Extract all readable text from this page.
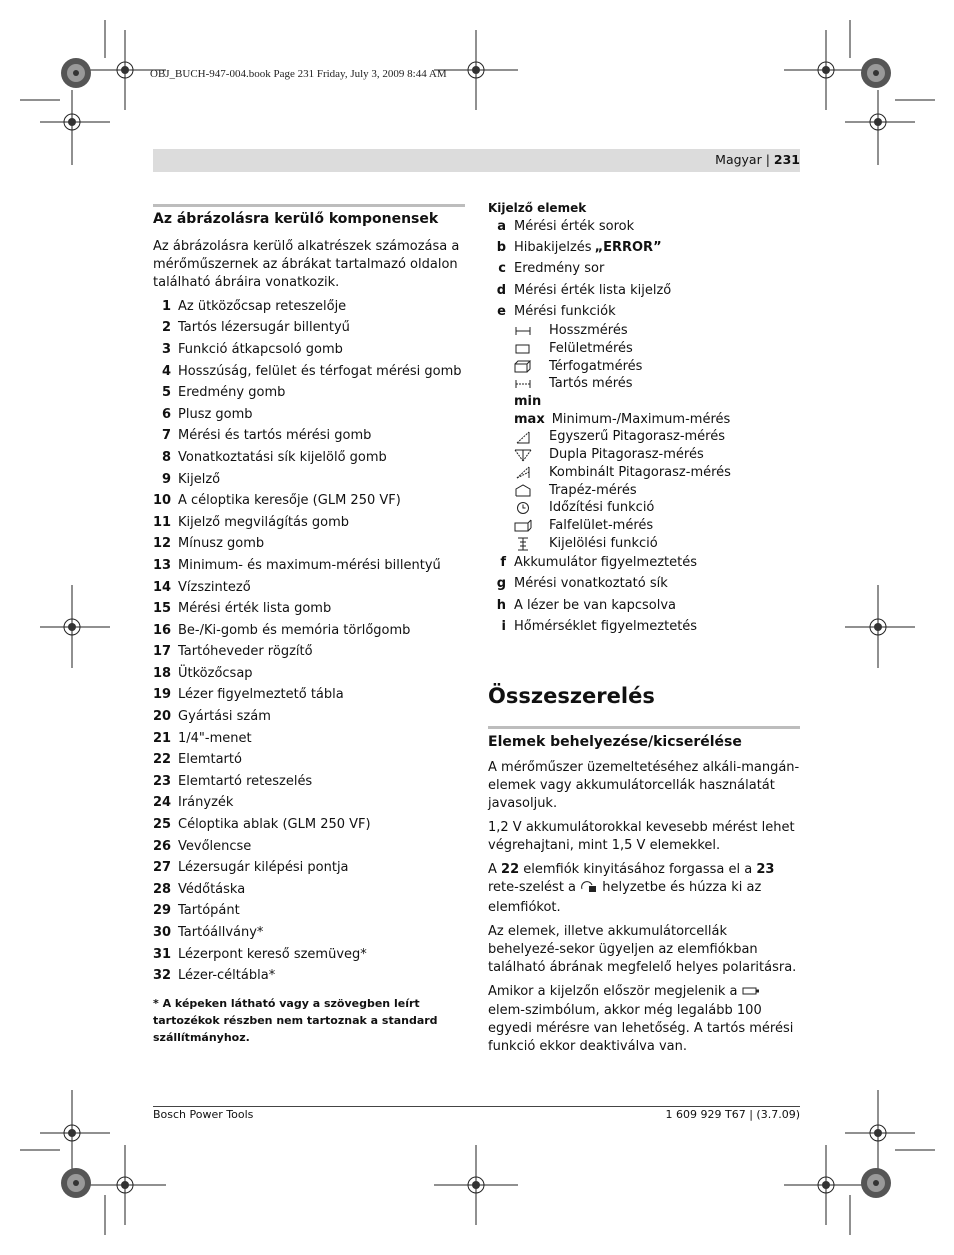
OBJ_BUCH-947-004.book Page 231 Friday, July 3, 2009 8:44 AM
Magyar | 231
Az ábrázolásra kerülő komponensek

Az ábrázolásra kerülő alkatrészek számozása a mérőműszernek az ábrákat tartalmazó oldalon található ábráira vonatkozik.

1 Az ütközőcsap reteszelője
2 Tartós lézersugár billentyű
3 Funkció átkapcsoló gomb
4 Hosszúság, felület és térfogat mérési gomb
5 Eredmény gomb
6 Plusz gomb
7 Mérési és tartós mérési gomb
8 Vonatkoztatási sík kijelölő gomb
9 Kijelző
10 A céloptika keresője (GLM 250 VF)
11 Kijelző megvilágítás gomb
12 Mínusz gomb
13 Minimum- és maximum-mérési billentyű
14 Vízszintező
15 Mérési érték lista gomb
16 Be-/Ki-gomb és memória törlőgomb
17 Tartóheveder rögzítő
18 Ütközőcsap
19 Lézer figyelmeztető tábla
20 Gyártási szám
21 1/4"-menet
22 Elemtartó
23 Elemtartó reteszelés
24 Irányzék
25 Céloptika ablak (GLM 250 VF)
26 Vevőlencse
27 Lézersugár kilépési pontja
28 Védőtáska
29 Tartópánt
30 Tartóállvány*
31 Lézerpont kereső szemüveg*
32 Lézer-céltábla*
* A képeken látható vagy a szövegben leírt tartozékok részben nem tartoznak a standard szállítmányhoz.
Kijelző elemek
a Mérési érték sorok
b Hibakijelzés „ERROR”
c Eredmény sor
d Mérési érték lista kijelző
e Mérési funkciók
Hosszmérés
Felületmérés
Térfogatmérés
Tartós mérés
min
max Minimum-/Maximum-mérés
Egyszerű Pitagorasz-mérés
Dupla Pitagorasz-mérés
Kombinált Pitagorasz-mérés
Trapéz-mérés
Időzítési funkció
Falfelület-mérés
Kijelölési funkció
f Akkumulátor figyelmeztetés
g Mérési vonatkoztató sík
h A lézer be van kapcsolva
i Hőmérséklet figyelmeztetés
Összeszerelés
Elemek behelyezése/kicserélése

A mérőműszer üzemeltetéséhez alkáli-mangán-elemek vagy akkumulátorcellák használatát javasoljuk.

1,2 V akkumulátorokkal kevesebb mérést lehet végrehajtani, mint 1,5 V elemekkel.

A 22 elemfiók kinyitásához forgassa el a 23 rete-szelést a  helyzetbe és húzza ki az elemfiókot.

Az elemek, illetve akkumulátorcellák behelyezé-sekor ügyeljen az elemfiókban található ábrának megfelelő helyes polaritásra.

Amikor a kijelzőn először megjelenik a  elem-szimbólum, akkor még legalább 100 egyedi mérésre van lehetőség. A tartós mérési funkció ekkor deaktiválva van.

Bosch Power Tools	1 609 929 T67 | (3.7.09)
